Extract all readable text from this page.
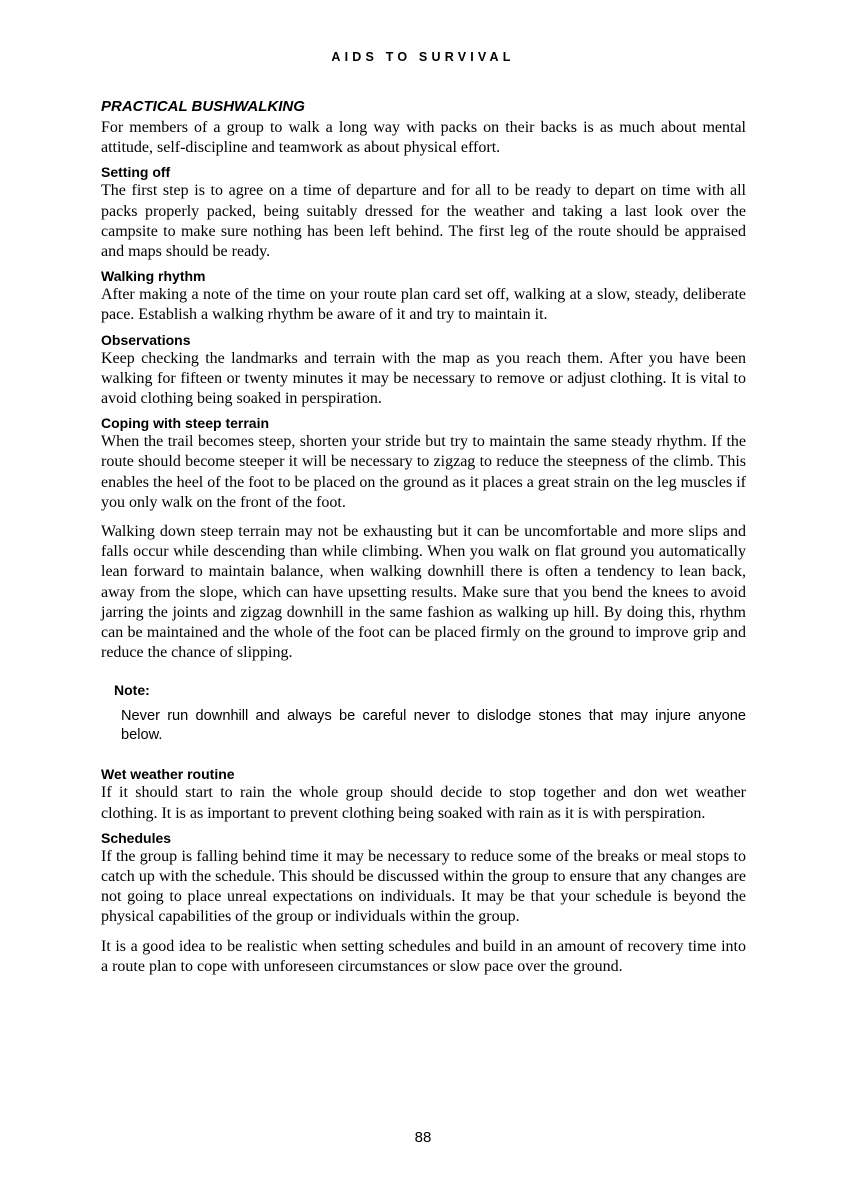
AIDS TO SURVIVAL
PRACTICAL BUSHWALKING

For members of a group to walk a long way with packs on their backs is as much about mental attitude, self-discipline and teamwork as about physical effort.

Setting off

The first step is to agree on a time of departure and for all to be ready to depart on time with all packs properly packed, being suitably dressed for the weather and taking a last look over the campsite to make sure nothing has been left behind. The first leg of the route should be appraised and maps should be ready.

Walking rhythm

After making a note of the time on your route plan card set off, walking at a slow, steady, deliberate pace. Establish a walking rhythm be aware of it and try to maintain it.

Observations

Keep checking the landmarks and terrain with the map as you reach them. After you have been walking for fifteen or twenty minutes it may be necessary to remove or adjust clothing. It is vital to avoid clothing being soaked in perspiration.

Coping with steep terrain

When the trail becomes steep, shorten your stride but try to maintain the same steady rhythm. If the route should become steeper it will be necessary to zigzag to reduce the steepness of the climb. This enables the heel of the foot to be placed on the ground as it places a great strain on the leg muscles if you only walk on the front of the foot.

Walking down steep terrain may not be exhausting but it can be uncomfortable and more slips and falls occur while descending than while climbing. When you walk on flat ground you automatically lean forward to maintain balance, when walking downhill there is often a tendency to lean back, away from the slope, which can have upsetting results. Make sure that you bend the knees to avoid jarring the joints and zigzag downhill in the same fashion as walking up hill. By doing this, rhythm can be maintained and the whole of the foot can be placed firmly on the ground to improve grip and reduce the chance of slipping.

Note:

Never run downhill and always be careful never to dislodge stones that may injure anyone below.

Wet weather routine

If it should start to rain the whole group should decide to stop together and don wet weather clothing. It is as important to prevent clothing being soaked with rain as it is with perspiration.

Schedules

If the group is falling behind time it may be necessary to reduce some of the breaks or meal stops to catch up with the schedule. This should be discussed within the group to ensure that any changes are not going to place unreal expectations on individuals. It may be that your schedule is beyond the physical capabilities of the group or individuals within the group.

It is a good idea to be realistic when setting schedules and build in an amount of recovery time into a route plan to cope with unforeseen circumstances or slow pace over the ground.

88
